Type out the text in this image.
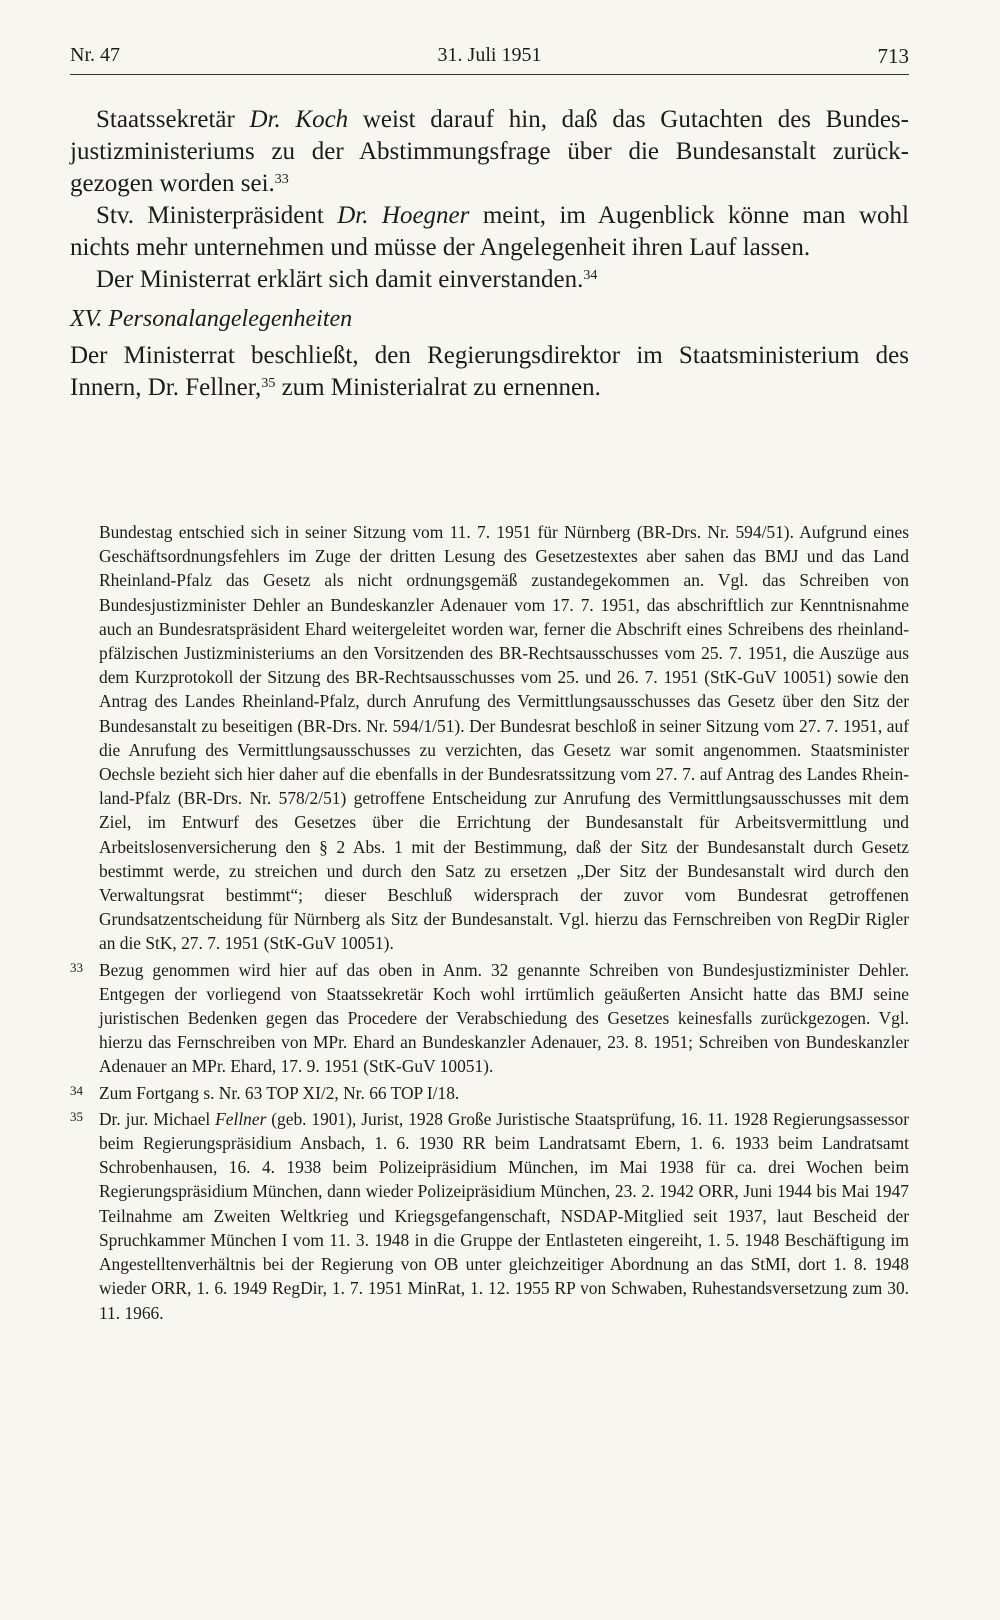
Nr. 47	31. Juli 1951	713

Staatssekretär Dr. Koch weist darauf hin, daß das Gutachten des Bundesjustizministeriums zu der Abstimmungsfrage über die Bundesanstalt zurückgezogen worden sei.$^{33}$

Stv. Ministerpräsident Dr. Hoegner meint, im Augenblick könne man wohl nichts mehr unternehmen und müsse der Angelegenheit ihren Lauf lassen.

Der Ministerrat erklärt sich damit einverstanden.$^{34}$

XV. Personalangelegenheiten

Der Ministerrat beschließt, den Regierungsdirektor im Staatsministerium des Innern, Dr. Fellner,$^{35}$ zum Ministerialrat zu ernennen.

Bundestag entschied sich in seiner Sitzung vom 11. 7. 1951 für Nürnberg (BR-Drs. Nr. 594/51). Aufgrund eines Geschäftsordnungsfehlers im Zuge der dritten Lesung des Gesetzestextes aber sahen das BMJ und das Land Rheinland-Pfalz das Gesetz als nicht ordnungsgemäß zustandegekommen an. Vgl. das Schreiben von Bundesjustizminister Dehler an Bundeskanzler Adenauer vom 17. 7. 1951, das abschriftlich zur Kenntnisnahme auch an Bundesratspräsident Ehard weitergeleitet worden war, ferner die Abschrift eines Schreibens des rheinland-pfälzischen Justizministeriums an den Vorsitzenden des BR-Rechtsausschusses vom 25. 7. 1951, die Auszüge aus dem Kurzprotokoll der Sitzung des BR-Rechtsausschusses vom 25. und 26. 7. 1951 (StK-GuV 10051) sowie den Antrag des Landes Rheinland-Pfalz, durch Anrufung des Vermittlungsausschusses das Gesetz über den Sitz der Bundesanstalt zu beseitigen (BR-Drs. Nr. 594/1/51). Der Bundesrat beschloß in seiner Sitzung vom 27. 7. 1951, auf die Anrufung des Vermittlungsausschusses zu verzichten, das Gesetz war somit angenommen. Staatsminister Oechsle bezieht sich hier daher auf die ebenfalls in der Bundesratssitzung vom 27. 7. auf Antrag des Landes Rheinland-Pfalz (BR-Drs. Nr. 578/2/51) getroffene Entscheidung zur Anrufung des Vermittlungsausschusses mit dem Ziel, im Entwurf des Gesetzes über die Errichtung der Bundesanstalt für Arbeitsvermittlung und Arbeitslosenversicherung den § 2 Abs. 1 mit der Bestimmung, daß der Sitz der Bundesanstalt durch Gesetz bestimmt werde, zu streichen und durch den Satz zu ersetzen „Der Sitz der Bundesanstalt wird durch den Verwaltungsrat bestimmt“; dieser Beschluß widersprach der zuvor vom Bundesrat getroffenen Grundsatzentscheidung für Nürnberg als Sitz der Bundesanstalt. Vgl. hierzu das Fernschreiben von RegDir Rigler an die StK, 27. 7. 1951 (StK-GuV 10051).

33 Bezug genommen wird hier auf das oben in Anm. 32 genannte Schreiben von Bundesjustizminister Dehler. Entgegen der vorliegend von Staatssekretär Koch wohl irrtümlich geäußerten Ansicht hatte das BMJ seine juristischen Bedenken gegen das Procedere der Verabschiedung des Gesetzes keinesfalls zurückgezogen. Vgl. hierzu das Fernschreiben von MPr. Ehard an Bundeskanzler Adenauer, 23. 8. 1951; Schreiben von Bundeskanzler Adenauer an MPr. Ehard, 17. 9. 1951 (StK-GuV 10051).

34 Zum Fortgang s. Nr. 63 TOP XI/2, Nr. 66 TOP I/18.

35 Dr. jur. Michael Fellner (geb. 1901), Jurist, 1928 Große Juristische Staatsprüfung, 16. 11. 1928 Regierungsassessor beim Regierungspräsidium Ansbach, 1. 6. 1930 RR beim Landratsamt Ebern, 1. 6. 1933 beim Landratsamt Schrobenhausen, 16. 4. 1938 beim Polizeipräsidium München, im Mai 1938 für ca. drei Wochen beim Regierungspräsidium München, dann wieder Polizeipräsidium München, 23. 2. 1942 ORR, Juni 1944 bis Mai 1947 Teilnahme am Zweiten Weltkrieg und Kriegsgefangenschaft, NSDAP-Mitglied seit 1937, laut Bescheid der Spruchkammer München I vom 11. 3. 1948 in die Gruppe der Entlasteten eingereiht, 1. 5. 1948 Beschäftigung im Angestelltenverhältnis bei der Regierung von OB unter gleichzeitiger Abordnung an das StMI, dort 1. 8. 1948 wieder ORR, 1. 6. 1949 RegDir, 1. 7. 1951 MinRat, 1. 12. 1955 RP von Schwaben, Ruhestandsversetzung zum 30. 11. 1966.
